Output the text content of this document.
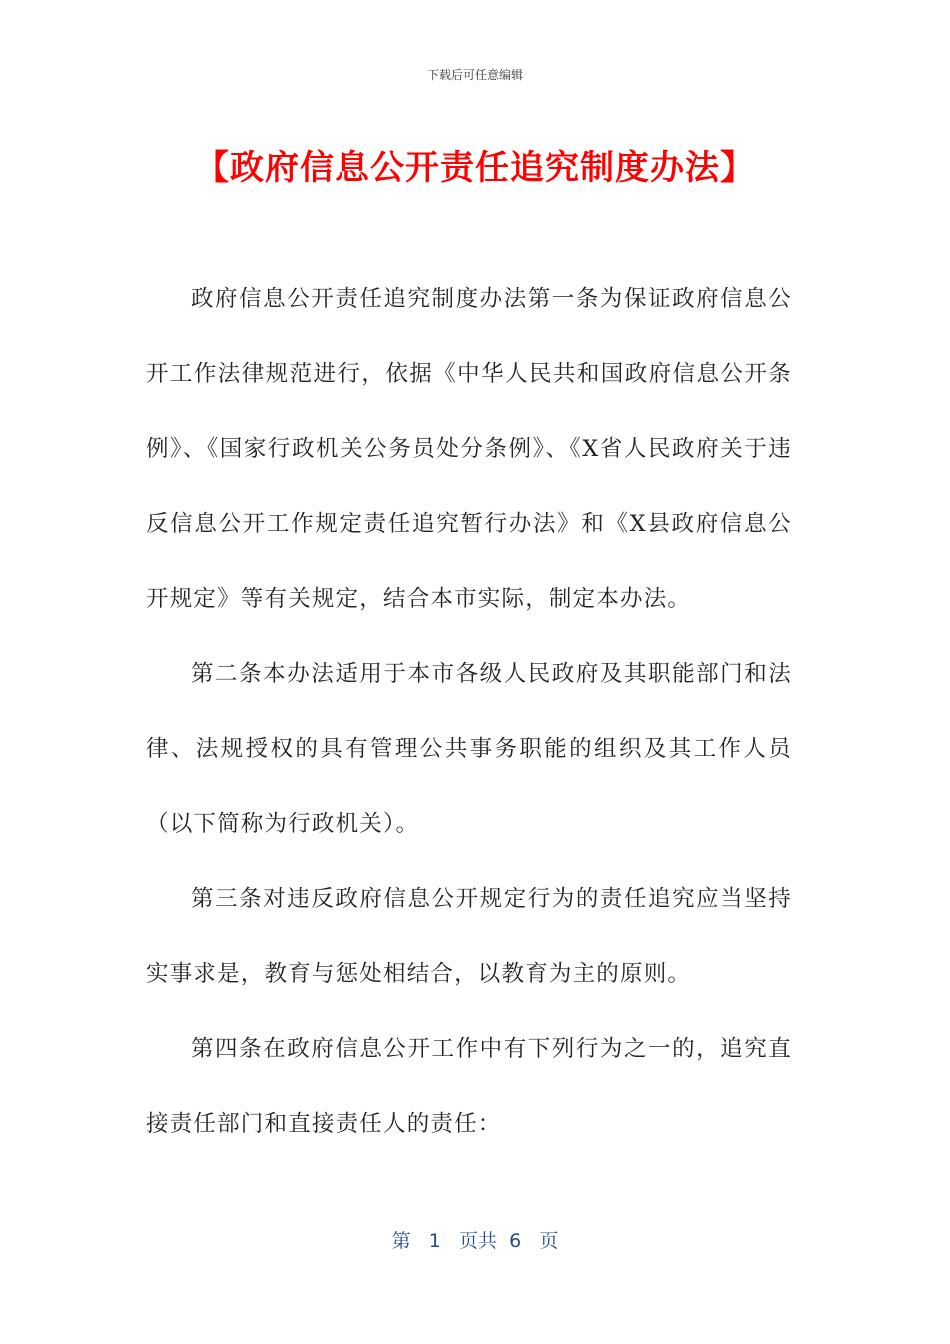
下载后可任意编辑
【政府信息公开责任追究制度办法】

政府信息公开责任追究制度办法第一条为保证政府信息公开工作法律规范进行，依据《中华人民共和国政府信息公开条例》、《国家行政机关公务员处分条例》、《X省人民政府关于违反信息公开工作规定责任追究暂行办法》和《X县政府信息公开规定》等有关规定，结合本市实际，制定本办法。

第二条本办法适用于本市各级人民政府及其职能部门和法律、法规授权的具有管理公共事务职能的组织及其工作人员（以下简称为行政机关）。

第三条对违反政府信息公开规定行为的责任追究应当坚持实事求是，教育与惩处相结合，以教育为主的原则。

第四条在政府信息公开工作中有下列行为之一的，追究直接责任部门和直接责任人的责任：

第 1 页共 6 页
